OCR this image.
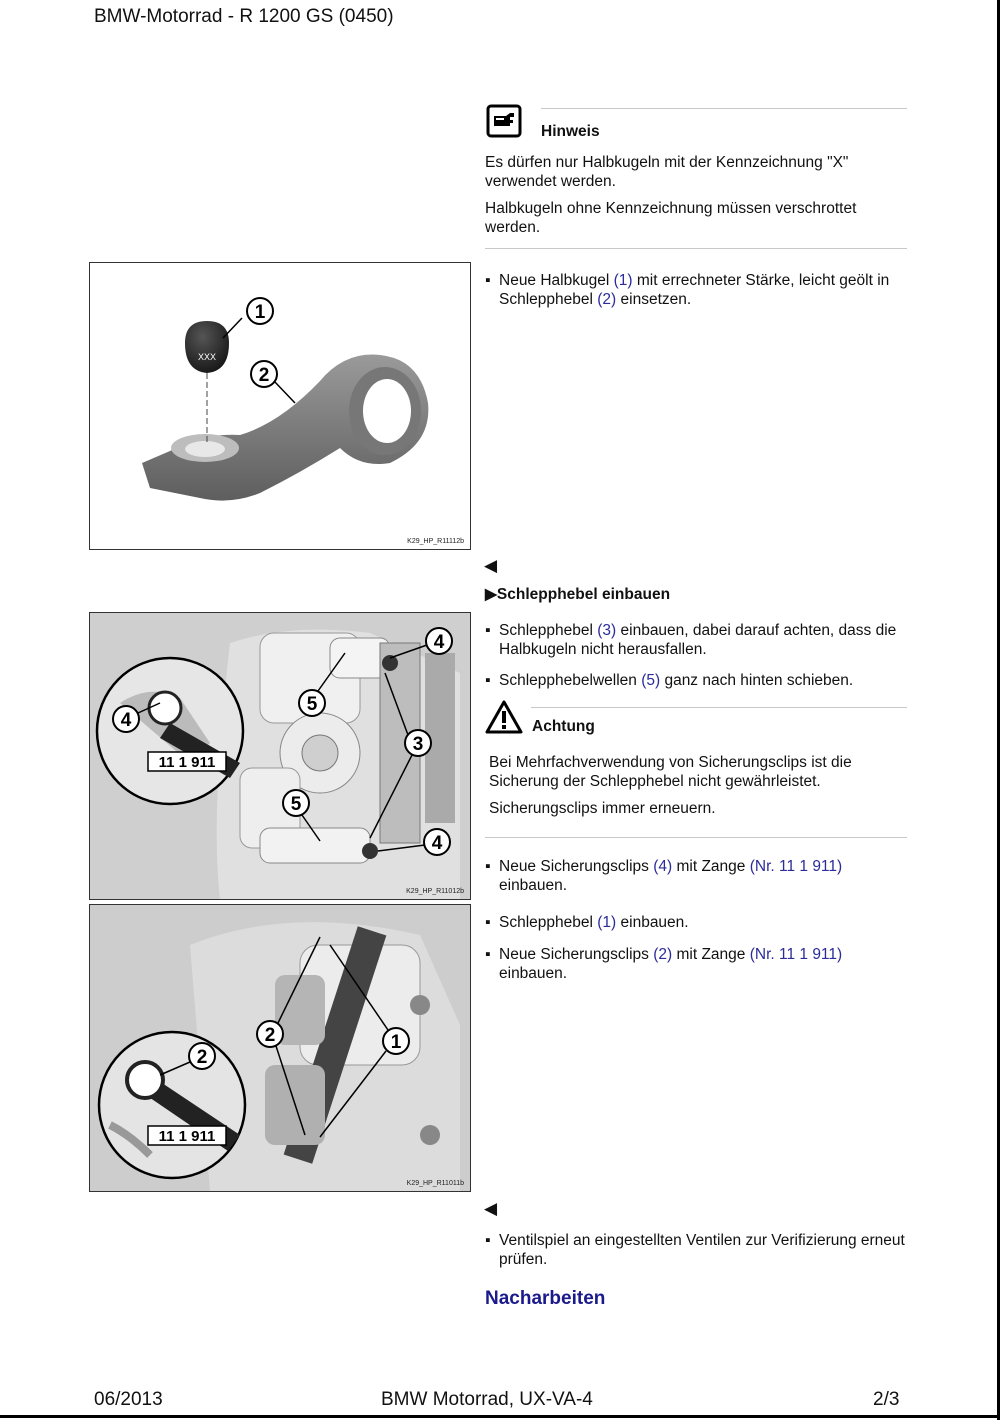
BMW-Motorrad - R 1200 GS (0450)
Hinweis
Es dürfen nur Halbkugeln mit der Kennzeichnung "X" verwendet werden.
Halbkugeln ohne Kennzeichnung müssen verschrottet werden.
XXX
1
2
K29_HP_R11112b
▪ Neue Halbkugel (1) mit errechneter Stärke, leicht geölt in Schlepphebel (2) einsetzen.
◀
▶Schlepphebel einbauen
11 1 911
4
4
5
3
5
4
K29_HP_R11012b
▪ Schlepphebel (3) einbauen, dabei darauf achten, dass die Halbkugeln nicht herausfallen.
▪ Schlepphebelwellen (5) ganz nach hinten schieben.
Achtung
Bei Mehrfachverwendung von Sicherungsclips ist die Sicherung der Schlepphebel nicht gewährleistet.
Sicherungsclips immer erneuern.
▪ Neue Sicherungsclips (4) mit Zange (Nr. 11 1 911) einbauen.
▪ Schlepphebel (1) einbauen.
▪ Neue Sicherungsclips (2) mit Zange (Nr. 11 1 911) einbauen.
11 1 911
2
2	1
K29_HP_R11011b
◀
▪ Ventilspiel an eingestellten Ventilen zur Verifizierung erneut prüfen.
Nacharbeiten
06/2013	BMW Motorrad, UX-VA-4	2/3
